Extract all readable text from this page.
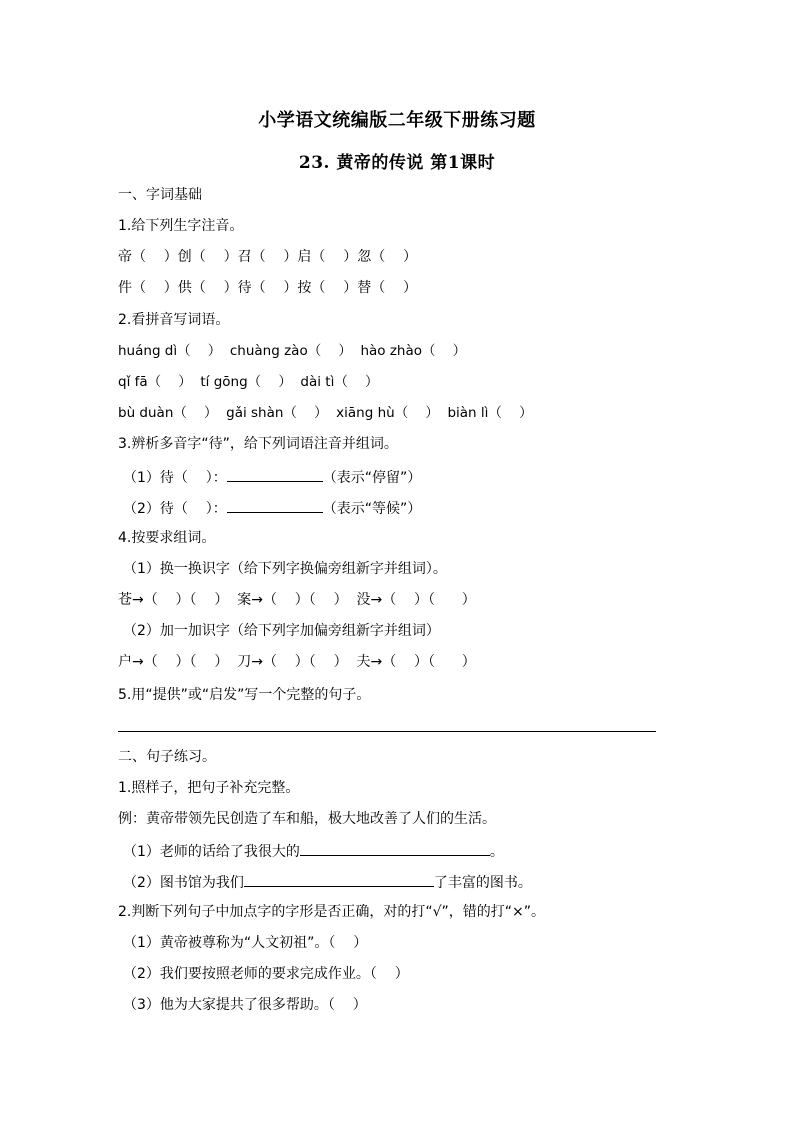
小学语文统编版二年级下册练习题
23. 黄帝的传说 第1课时
一、字词基础
1.给下列生字注音。
帝（    ）创（    ）召（    ）启（    ）忽（    ）
件（    ）供（    ）待（    ）按（    ）替（    ）
2.看拼音写词语。
huáng dì（    ）  chuàng zào（    ）  hào zhào（    ）
qǐ fā（    ）  tí gōng（    ）  dài tì（    ）
bù duàn（    ）  gǎi shàn（    ）  xiāng hù（    ）  biàn lì（    ）
3.辨析多音字“待”，给下列词语注音并组词。
（1）待（    ）：	（表示“停留”）
（2）待（    ）：	（表示“等候”）
4.按要求组词。
（1）换一换识字（给下列字换偏旁组新字并组词）。
苍→（    ）（    ）  案→（    ）（    ）  没→（    ）（      ）
（2）加一加识字（给下列字加偏旁组新字并组词）
户→（    ）（    ）  刀→（    ）（    ）  夫→（    ）（      ）
5.用“提供”或“启发”写一个完整的句子。
二、句子练习。
1.照样子，把句子补充完整。
例：黄帝带领先民创造了车和船，极大地改善了人们的生活。
（1）老师的话给了我很大的	。
（2）图书馆为我们	了丰富的图书。
2.判断下列句子中加点字的字形是否正确，对的打“√”，错的打“×”。
（1）黄帝被尊称为“人文初祖”。（    ）
（2）我们要按照老师的要求完成作业。（    ）
（3）他为大家提共了很多帮助。（    ）
